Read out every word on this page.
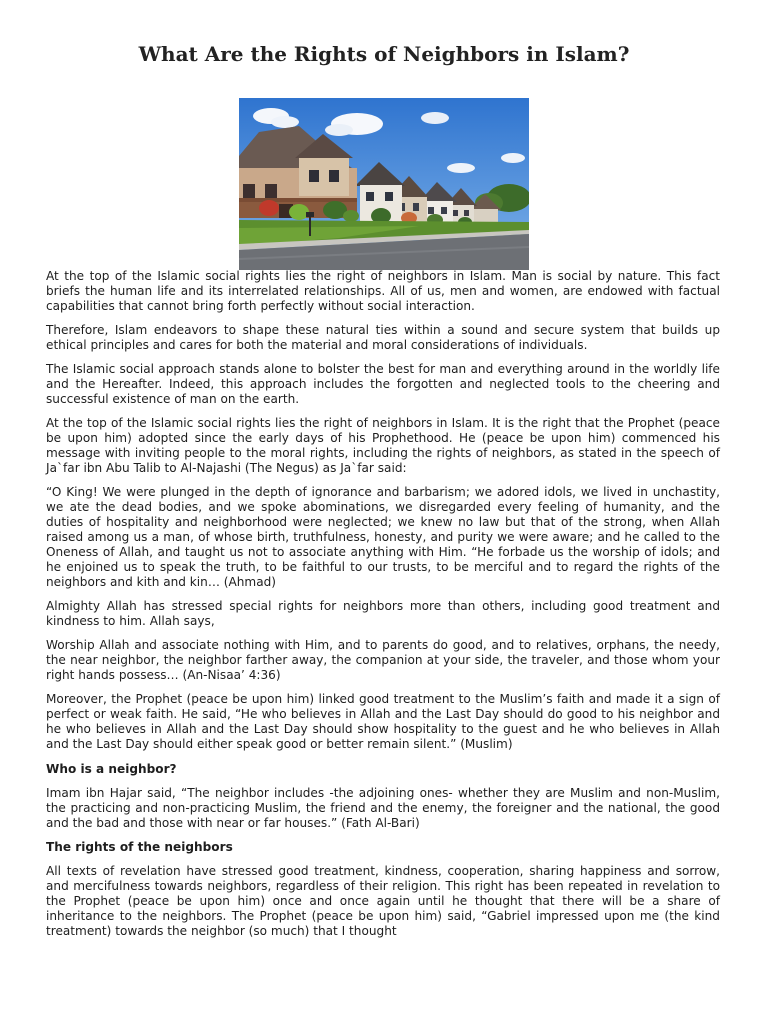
What Are the Rights of Neighbors in Islam?

At the top of the Islamic social rights lies the right of neighbors in Islam. Man is social by nature. This fact briefs the human life and its interrelated relationships. All of us, men and women, are endowed with factual capabilities that cannot bring forth perfectly without social interaction.

Therefore, Islam endeavors to shape these natural ties within a sound and secure system that builds up ethical principles and cares for both the material and moral considerations of individuals.

The Islamic social approach stands alone to bolster the best for man and everything around in the worldly life and the Hereafter. Indeed, this approach includes the forgotten and neglected tools to the cheering and successful existence of man on the earth.

At the top of the Islamic social rights lies the right of neighbors in Islam. It is the right that the Prophet (peace be upon him) adopted since the early days of his Prophethood. He (peace be upon him) commenced his message with inviting people to the moral rights, including the rights of neighbors, as stated in the speech of Ja`far ibn Abu Talib to Al-Najashi (The Negus) as Ja`far said:

“O King! We were plunged in the depth of ignorance and barbarism; we adored idols, we lived in unchastity, we ate the dead bodies, and we spoke abominations, we disregarded every feeling of humanity, and the duties of hospitality and neighborhood were neglected; we knew no law but that of the strong, when Allah raised among us a man, of whose birth, truthfulness, honesty, and purity we were aware; and he called to the Oneness of Allah, and taught us not to associate anything with Him. “He forbade us the worship of idols; and he enjoined us to speak the truth, to be faithful to our trusts, to be merciful and to regard the rights of the neighbors and kith and kin… (Ahmad)

Almighty Allah has stressed special rights for neighbors more than others, including good treatment and kindness to him. Allah says,

Worship Allah and associate nothing with Him, and to parents do good, and to relatives, orphans, the needy, the near neighbor, the neighbor farther away, the companion at your side, the traveler, and those whom your right hands possess… (An-Nisaa’ 4:36)

Moreover, the Prophet (peace be upon him) linked good treatment to the Muslim’s faith and made it a sign of perfect or weak faith. He said, “He who believes in Allah and the Last Day should do good to his neighbor and he who believes in Allah and the Last Day should show hospitality to the guest and he who believes in Allah and the Last Day should either speak good or better remain silent.” (Muslim)

Who is a neighbor?

Imam ibn Hajar said, “The neighbor includes -the adjoining ones- whether they are Muslim and non-Muslim, the practicing and non-practicing Muslim, the friend and the enemy, the foreigner and the national, the good and the bad and those with near or far houses.” (Fath Al-Bari)

The rights of the neighbors

All texts of revelation have stressed good treatment, kindness, cooperation, sharing happiness and sorrow, and mercifulness towards neighbors, regardless of their religion. This right has been repeated in revelation to the Prophet (peace be upon him) once and once again until he thought that there will be a share of inheritance to the neighbors. The Prophet (peace be upon him) said, “Gabriel impressed upon me (the kind treatment) towards the neighbor (so much) that I thought
